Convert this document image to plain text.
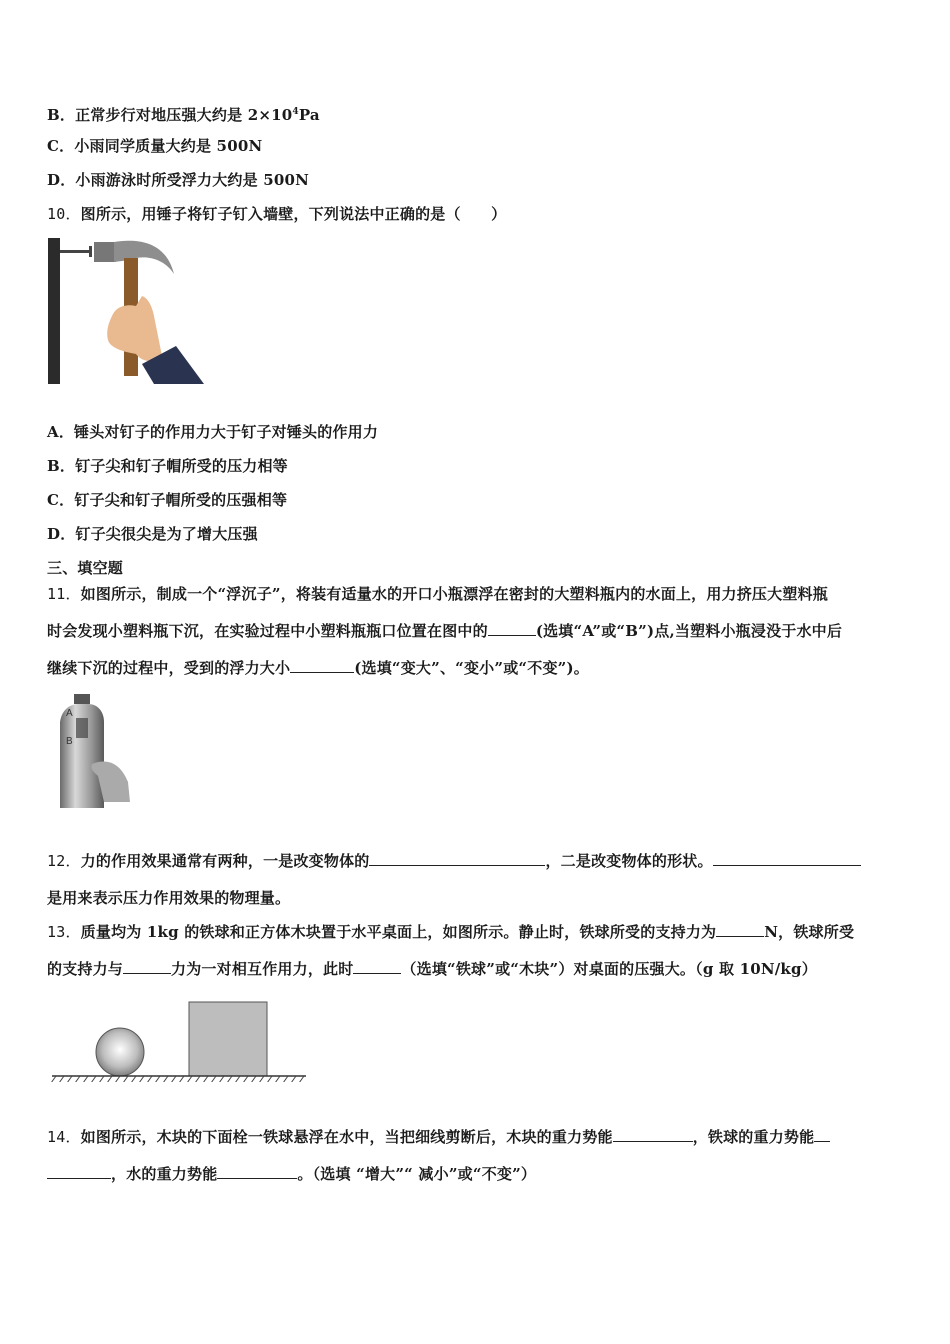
B．正常步行对地压强大约是 $2\times 10^4Pa$
C．小雨同学质量大约是 500N
D．小雨游泳时所受浮力大约是 500N
10．图所示，用锤子将钉子钉入墙壁，下列说法中正确的是（　　）
A．锤头对钉子的作用力大于钉子对锤头的作用力
B．钉子尖和钉子帽所受的压力相等
C．钉子尖和钉子帽所受的压强相等
D．钉子尖很尖是为了增大压强
三、填空题
11．如图所示，制成一个“浮沉子”，将装有适量水的开口小瓶漂浮在密封的大塑料瓶内的水面上，用力挤压大塑料瓶
时会发现小塑料瓶下沉，在实验过程中小塑料瓶瓶口位置在图中的	(选填“A”或“B”)点,当塑料小瓶浸没于水中后
继续下沉的过程中，受到的浮力大小	(选填“变大”、“变小”或“不变”)。
A
B
12．力的作用效果通常有两种，一是改变物体的	，二是改变物体的形状。
是用来表示压力作用效果的物理量。
13．质量均为 1kg 的铁球和正方体木块置于水平桌面上，如图所示。静止时，铁球所受的支持力为	N，铁球所受
的支持力与	力为一对相互作用力，此时	（选填“铁球”或“木块”）对桌面的压强大。（g 取 10N/kg）
14．如图所示，木块的下面栓一铁球悬浮在水中，当把细线剪断后，木块的重力势能	，铁球的重力势能
，水的重力势能	。（选填 “增大”“ 减小”或“不变”）
